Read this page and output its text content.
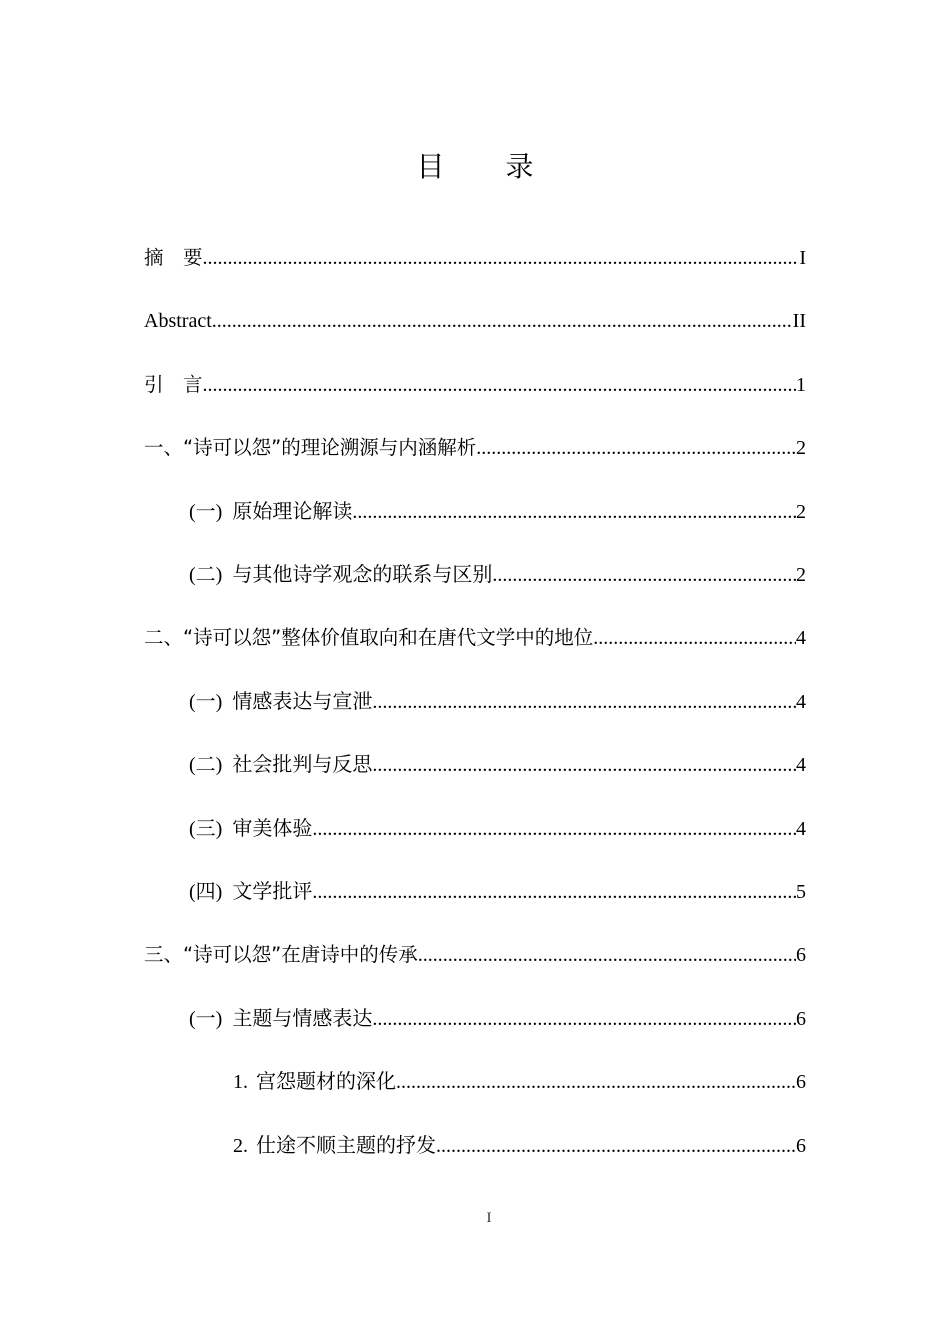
目 录
摘　要 .....	I
Abstract .....	II
引　言 .....	1
一、“诗可以怨”的理论溯源与内涵解析 .....	2
(一) 原始理论解读 .....	2
(二) 与其他诗学观念的联系与区别 .....	2
二、“诗可以怨”整体价值取向和在唐代文学中的地位 .....	4
(一) 情感表达与宣泄 .....	4
(二) 社会批判与反思 .....	4
(三) 审美体验 .....	4
(四) 文学批评 .....	5
三、“诗可以怨”在唐诗中的传承 .....	6
(一) 主题与情感表达 .....	6
1. 宫怨题材的深化 .....	6
2. 仕途不顺主题的抒发 .....	6
I
